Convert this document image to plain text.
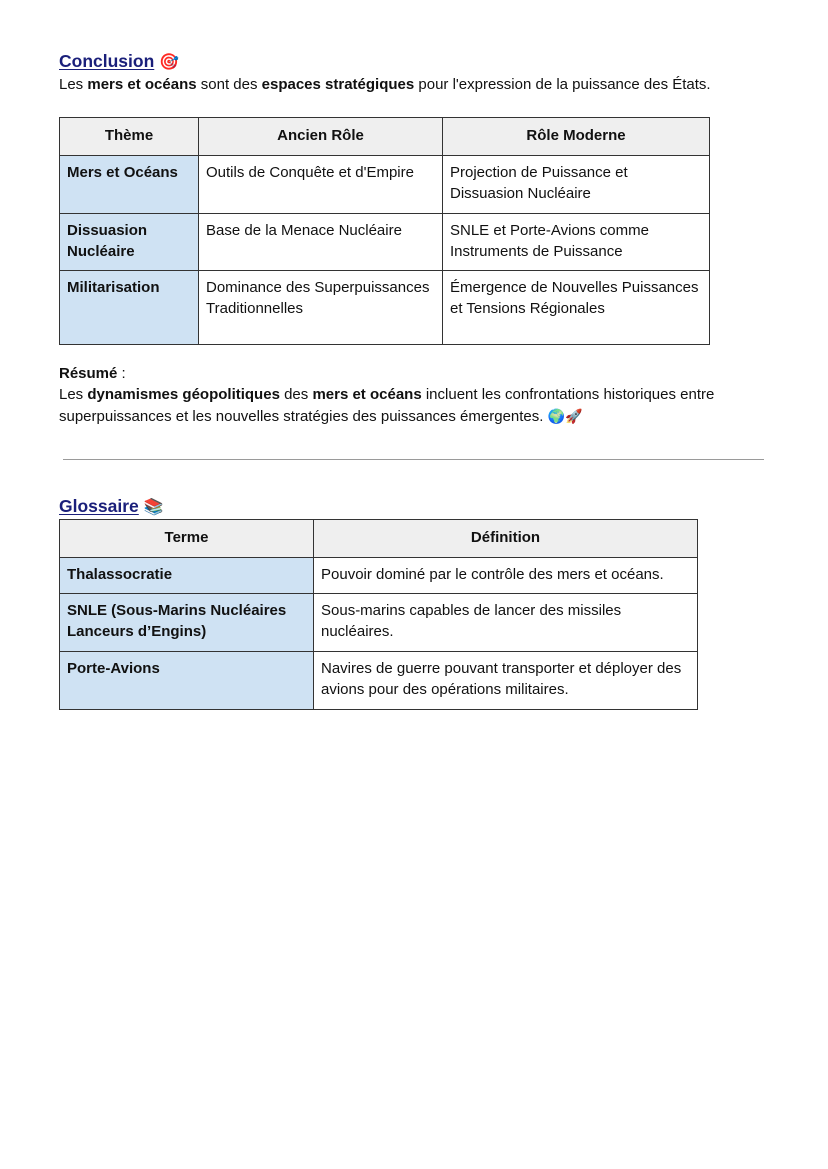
Conclusion 🎯

Les mers et océans sont des espaces stratégiques pour l'expression de la puissance des États.

Thème	Ancien Rôle	Rôle Moderne
Mers et Océans	Outils de Conquête et d'Empire	Projection de Puissance et Dissuasion Nucléaire
Dissuasion Nucléaire	Base de la Menace Nucléaire	SNLE et Porte-Avions comme Instruments de Puissance
Militarisation	Dominance des Superpuissances Traditionnelles	Émergence de Nouvelles Puissances et Tensions Régionales

Résumé :

Les dynamismes géopolitiques des mers et océans incluent les confrontations historiques entre superpuissances et les nouvelles stratégies des puissances émergentes. 🌍🚀

Glossaire 📚
Terme	Définition
Thalassocratie	Pouvoir dominé par le contrôle des mers et océans.
SNLE (Sous-Marins Nucléaires Lanceurs d’Engins)	Sous-marins capables de lancer des missiles nucléaires.
Porte-Avions	Navires de guerre pouvant transporter et déployer des avions pour des opérations militaires.
